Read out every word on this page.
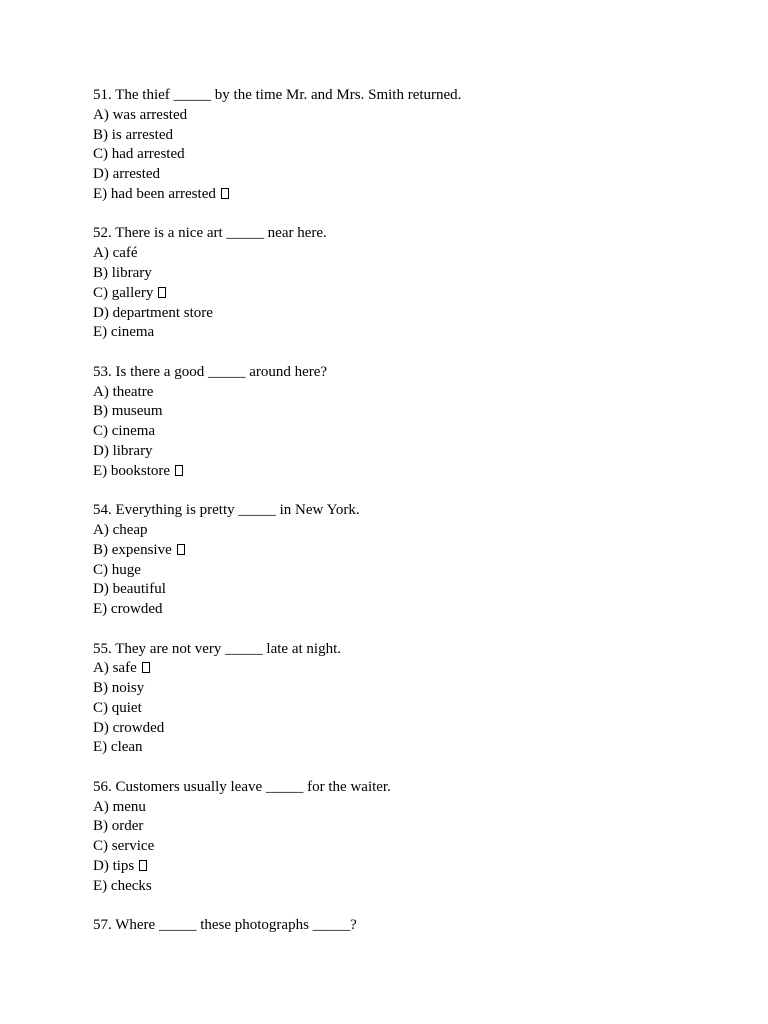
51. The thief _____ by the time Mr. and Mrs. Smith returned.
A) was arrested
B) is arrested
C) had arrested
D) arrested
E) had been arrested
52. There is a nice art _____ near here.
A) café
B) library
C) gallery
D) department store
E) cinema
53. Is there a good _____ around here?
A) theatre
B) museum
C) cinema
D) library
E) bookstore
54. Everything is pretty _____ in New York.
A) cheap
B) expensive
C) huge
D) beautiful
E) crowded
55. They are not very _____ late at night.
A) safe
B) noisy
C) quiet
D) crowded
E) clean
56. Customers usually leave _____ for the waiter.
A) menu
B) order
C) service
D) tips
E) checks
57. Where _____ these photographs _____?
